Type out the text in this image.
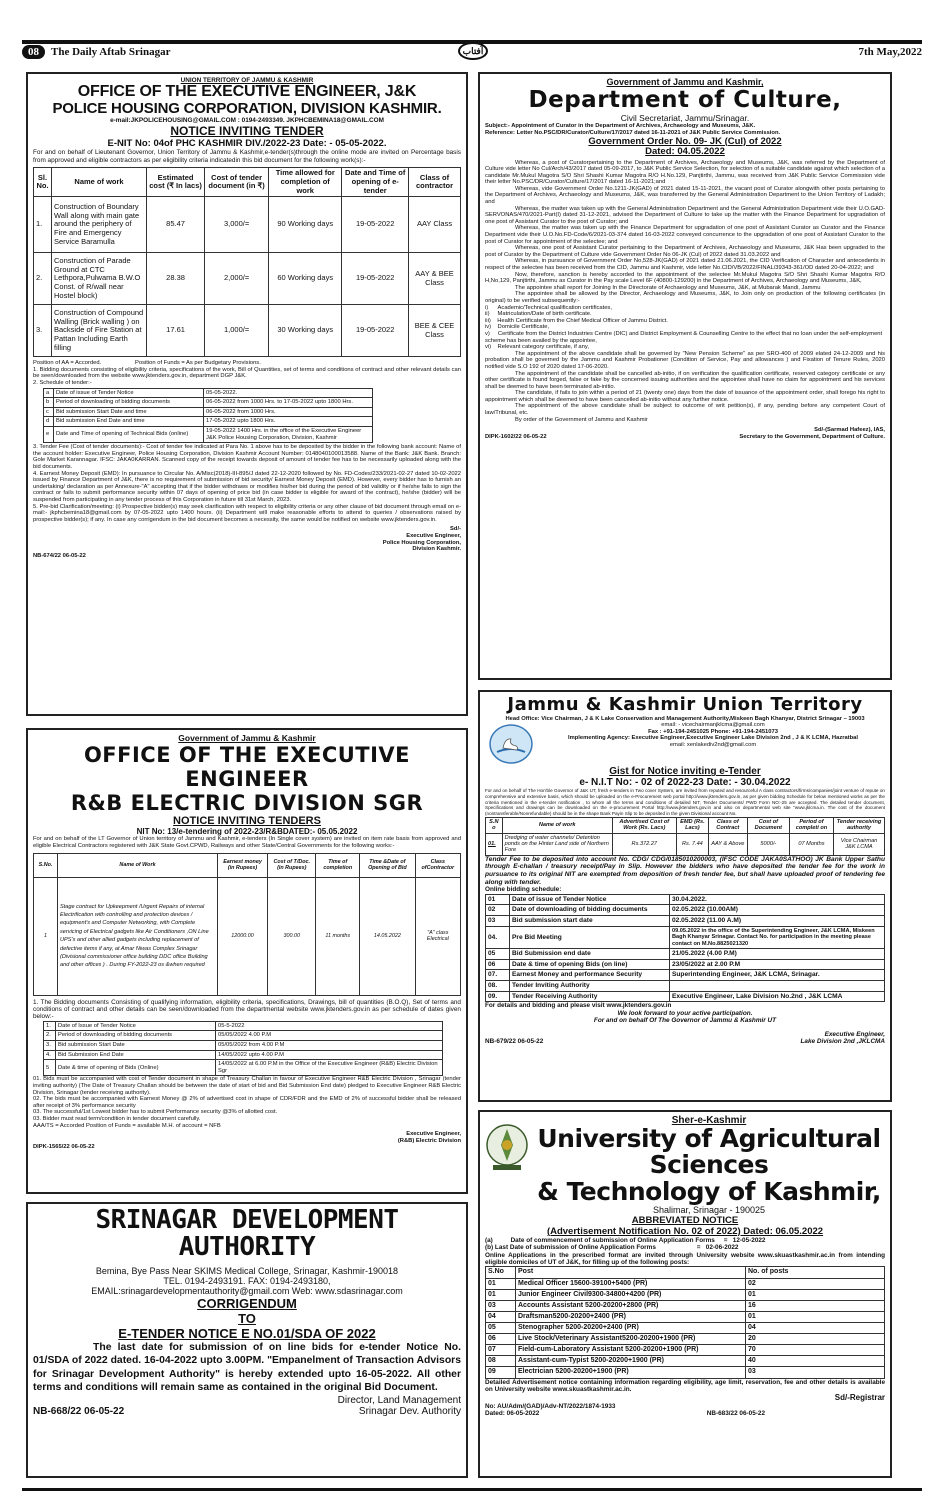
08	The Daily Aftab Srinagar	آفتاب	7th May,2022
UNION TERRITORY OF JAMMU & KASHMIR
OFFICE OF THE EXECUTIVE ENGINEER, J&K
POLICE HOUSING CORPORATION, DIVISION KASHMIR.
e-mail:JKPOLICEHOUSING@GMAIL.COM : 0194-2493349. JKPHCBEMINA18@GMAIL.COM
NOTICE INVITING TENDER
E-NIT No: 04of PHC KASHMIR DIV./2022-23 Date: - 05-05-2022.
For and on behalf of Lieutenant Governor, Union Territory of Jammu & Kashmir,e-tender(s)through the online mode are invited on Percentage basis from approved and eligible contractors as per eligibility criteria indicatedin this bid document for the following work(s):-
Sl. No.	Name of work	Estimated cost (₹ In lacs)	Cost of tender document (in ₹)	Time allowed for completion of work	Date and Time of opening of e-tender	Class of contractor
1.	Construction of Boundary Wall along with main gate around the periphery of Fire and Emergency Service Baramulla	85.47	3,000/=	90 Working days	19-05-2022	AAY Class
2.	Construction of Parade Ground at CTC Lethpora,Pulwama B.W.O Const. of R/wall near Hostel block)	28.38	2,000/=	60 Working days	19-05-2022	AAY & BEE Class
3.	Construction of Compound Walling (Brick walling ) on Backside of Fire Station at Pattan Including Earth filling	17.61	1,000/=	30 Working days	19-05-2022	BEE & CEE Class
Position of AA = Accorded.                     Position of Funds = As per Budgetary Provisions.
1. Bidding documents consisting of eligibility criteria, specifications of the work, Bill of Quantities, set of terms and conditions of contract and other relevant details can be seen/downloaded from the website www.jktenders.gov.in, department DGP J&K.
2. Schedule of tender:-
a	Date of issue of Tender Notice	05-05-2022.
b	Period of downloading of bidding documents	06-05-2022 from 1000 Hrs. to 17-05-2022 upto 1800 Hrs.
c	Bid submission Start Date and time	06-05-2022 from 1000 Hrs.
d	Bid submission End Date and time	17-05-2022 upto 1800 Hrs.
e	Date and Time of opening of Technical Bids (online)	19-05-2022 1400 Hrs. in the office of the Executive Engineer J&K Police Housing Corporation, Division, Kashmir
3. Tender Fee (Cost of tender documents):- Cost of tender fee indicated at Para No. 1 above has to be deposited by the bidder in the following bank account: Name of the account holder: Executive Engineer, Police Housing Corporation, Division Kashmir Account Number: 0148040100013588. Name of the Bank: J&K Bank. Branch: Gole Market Karannagar. IFSC: JAKA0KARRAN. Scanned copy of the receipt towards deposit of amount of tender fee has to be necessarily uploaded along with the bid documents.
4. Earnest Money Deposit (EMD): In pursuance to Circular No. A/Misc(2018)-III-895/J dated 22-12-2020 followed by No. FD-Codes/233/2021-02-27 dated 10-02-2022 issued by Finance Department of J&K, there is no requirement of submission of bid security/ Earnest Money Deposit (EMD). However, every bidder has to furnish an undertaking/ declaration as per Annexure-"A" accepting that if the bidder withdraws or modifies his/her bid during the period of bid validity or if he/she fails to sign the contract or fails to submit performance security within 07 days of opening of price bid (in case bidder is eligible for award of the contract), he/she (bidder) will be suspended from participating in any tender process of this Corporation in future till 31st March, 2023.
5. Pre-bid Clarification/meeting: (i) Prospective bidder(s) may seek clarification with respect to eligibility criteria or any other clause of bid document through email on e-mail:- jkphcbemina18@gmail.com by 07-05-2022 upto 1400 hours. (ii) Department will make reasonable efforts to attend to queries / observations raised by prospective bidder(s); if any. In case any corrigendum in the bid document becomes a necessity, the same would be notified on website www.jktenders.gov.in.
Sd/-
Executive Engineer,
Police Housing Corporation,
Division Kashmir.
NB-674/22 06-05-22
Government of Jammu and Kashmir,
Department of Culture,
Civil Secretariat, Jammu/Srinagar.
Subject:- Appointment of Curator in the Department of Archives, Archaeology and Museums, J&K.
Reference: Letter No.PSC/DR/Curator/Culture/17/2017 dated 16-11-2021 of J&K Public Service Commission.
Government Order No. 09- JK (Cul) of 2022
Dated: 04.05.2022
Whereas, a post of Curatorpertaining to the Department of Archives, Archaeology and Museums, J&K, was referred by the Department of Culture vide letter No Cul/Arch/43/2017 dated 05-09-2017, to J&K Public Service Selection, for selection of a suitable candidate against which selection of a candidate Mr.Mukul Magotra S/O Shri Shashi Kumar Magotra R/O H.No.129, Panjtirthi, Jammu, was received from J&K Public Service Commission vide their letter No.PSC/DR/Curator/Culture/17/2017 dated 16-11-2021;and
Whereas, vide Government Order No.1211-JK(GAD) of 2021 dated 15-11-2021, the vacant post of Curator alongwith other posts pertaining to the Department of Archives, Archaeology and Museums, J&K, was transferred by the General Administration Department to the Union Territory of Ladakh; and
Whereas, the matter was taken up with the General Administration Department and the General Administration Department vide their U.O.GAD-SERVONAS/470/2021-Part(I) dated 31-12-2021, advised the Department of Culture to take up the matter with the Finance Department for upgradation of one post of Assistant Curator to the post of Curator; and
Whereas, the matter was taken up with the Finance Department for upgradation of one post of Assistant Curator as Curator and the Finance Department vide their U.O.No.FD-Code/6/2021-03-374 dated 16-03-2022 conveyed concurrence to the upgradation of one post of Assistant Curator to the post of Curator for appointment of the selectee; and
Whereas, one post of Assistant Curator pertaining to the Department of Archives, Archaeology and Museums, J&K Has been upgraded to the post of Curator by the Department of Culture vide Government Order No 06-JK (Cul) of 2022 dated 31.03.2022 and
Whereas, in pursuance of Government Order No,528-JK(GAD) of 2021 dated 21.06.2021, the CID Verification of Character and antecedents in respect of the selectee has been received from the CID, Jammu and Kashmir, vide letter No.CID/VB/2022/FINAL/39343-361/OD dated 20-04-2022; and
Now, therefore, sanction is hereby accorded to the appointment of the selectee Mr.Mukul Magotra S/O Shri Shashi Kumar Magotra R/O H,No,129, Panjtirthi, Jammu as Curator in the Pay scale Level 6F (40800-129200) in the Department of Archives, Archaeology and Museums, J&K,
The appointee shall report for Joining In the Directorate of Archaeology and Museums, J&K, at Mubarak Mandi, Jammu
The appointee shall be allowed by the Director, Archaeology and Museums, J&K, to Join only on production of the following certificates (in original) to be verified subsequently:-
i)      Academic/Technical qualification certificates,
ii)     Matriculation/Date of birth certificate.
iii)    Health Certificate from the Chief Medical Officer of Jammu District.
iv)    Domicile Certificate,
v)     Certificate from the District Industries Centre (DIC) and District Employment & Counselling Centre to the effect that no loan under the self-employment scheme has been availed by the appointee,
vi)    Relevant category certificate, if any,
The appointment of the above candidate shall be governed by "New Pension Scheme" as per SRO-400 of 2009 elated 24-12-2009 and his probation shall be governed by the Jammu and Kashmir Probationer (Condition of Service, Pay and allowances ) and Fixation of Tenure Rules, 2020 notified vide S.O 192 of 2020 dated 17-06-2020.
The appointment of the candidate shall be cancelled ab-initio, if on verification the qualification certificate, reserved category certificate or any other certificate is found forged, false or fake by the concerned issuing authorities and the appointee shall have no claim for appointment and his services shall be deemed to have been terminated ab-initio.
The candidate, if fails to join within a period of 21 (twenty one) days from the date of issuance of the appointment order, shall forego his right to appointment which shall be deemed to have been cancelled ab-initio without any further notice.
The appointment of the above candidate shall be subject to outcome of writ petition(s), if any, pending before any competent Court of law/Tribunal, etc.
By order of the Government of Jammu and Kashmir
Sd/-(Sarmad Hafeez), IAS,
DIPK-1602/22 06-05-22	Secretary to the Government, Department of Culture.
Government of Jammu & Kashmir
OFFICE OF THE EXECUTIVE ENGINEER
R&B ELECTRIC DIVISION SGR
NOTICE INVITING TENDERS
NIT No: 13/e-tendering of 2022-23/R&BDATED:- 05.05.2022
For and on behalf of the LT Governor of Union territory of Jammu and Kashmir, e-tenders (In Single cover system) are invited on item rate basis from approved and eligible Electrical Contractors registered with J&K State Govt.CPWD, Railways and other State/Central Governments for the following works:-
S.No.	Name of Work	Earnest money (in Rupees)	Cost of T/Doc. (in Rupees)	Time of completion	Time &Date of Opening of Bid	Class ofContractor
1	Stage contract for Upkeepment /Urgent Repairs of internal Electrification with controlling and protection devices / equipment's and Computer Networking, with Complete servicing of Electrical gadgets like Air Conditioners ,ON Line UPS's and other allied gadgets including replacement of defective items if any, at Amar Niwas Complex Srinagar (Divisional commissioner office building DDC office Building and other offices ) . During FY-2022-23 os &when required	12000.00	300.00	11 months	14.05.2022	"A" class Electrical
1. The Bidding documents Consisting of qualifying information, eligibility criteria, specifications, Drawings, bill of quantities (B.O.Q), Set of terms and conditions of contract and other details can be seen/downloaded from the departmental website www.jktenders.gov.in as per schedule of dates given below:-
1.	Date of Issue of Tender Notice	05-5-2022
2.	Period of downloading of bidding documents	05/05/2022 4.00 P.M
3.	Bid submission Start Date	05/05/2022 from 4.00 P.M
4.	Bid Submission End Date	14/05/2022 upto 4.00 P.M
5	Date & time of opening of Bids (Online)	14/05/2022 at 6.00 P.M in the Office of the Executive Engineer (R&B) Electric Division Sgr
01. Bids must be accompanied with cost of Tender document in shape of Treasury Challan in favour of Executive Engineer R&B Electric Division , Srinagar (tender inviting authority) (The Date of Treasury Challan should be between the date of start of bid and Bid Submission End date) pledged to Executive Engineer R&B Electric Division, Srinagar (tender receiving authority).
02. The bids must be accompanied with Earnest Money @ 2% of advertised cost in shape of CDR/FDR and the EMD of 2% of successful bidder shall be released after receipt of 3% performance security
03. The successful/1st Lowest bidder has to submit Performance security @3% of allotted cost.
03. Bidder must read term/condition in tender document carefully.
AAA/TS = Accorded Position of Funds = available M.H. of account = NFB
Executive Engineer,
(R&B) Electric Division
DIPK-1565/22 06-05-22
Jammu & Kashmir Union Territory
Head Office: Vice Chairman, J & K Lake Conservation and Management Authority,Miskeen Bagh Khanyar, District Srinagar – 19003
email: - vicechairmanjklcma@gmail.com
Fax : +91-194-2451025 Phone: +91-194-2451073
Implementing Agency: Executive Engineer,Executive Engineer Lake Division 2nd , J & K LCMA, Hazratbal
email: xenlakediv2nd@gmail.com
Gist for Notice inviting e-Tender
e- N.I.T No: - 02 of 2022-23 Date: - 30.04.2022
For and on behalf of The Hon'ble Governor of J&K UT, fresh e-tenders in Two cover System, are invited from reputed and resourceful A class contractors/firms/companies/joint venture of repute on comprehensive and extensive basis, which should be uploaded on the e-Procurement web portal http://www.jktenders.gov.in, as per given bidding Schedule for below mentioned works as per the criteria mentioned in the e-tender notification , to whom all the terms and conditions of detailed NIT, Tender Documents/ PWD Form NO:-25 are accepted. The detailed tender document, Specifications and drawings can be downloaded on the e-procurement Portal http://www.jktenders.gov.in and also on departmental web site "www.jklcma.in. The cost of the document (nontransferable/Nonrefundable) should be in the shape Bank Payin Slip to be deposited in the given Divisional account No.
S.N o	Name of work	Advertised Cost of Work (Rs. Lacs)	EMD (Rs. Lacs)	Class of Contract	Cost of Document	Period of completi on	Tender receiving authority
01.	Dredging of water channels/ Detention ponds on the Hinter Land side of Northern Fore	Rs.372.27	Rs. 7.44	AAY & Above	5000/-	07 Months	Vice Chairman J&K LCMA
Tender Fee to be deposited into account No. CDG/ CDG/0185010200003, (IFSC CODE JAKA0SATHOO) JK Bank Upper Sathu through E-challan / treasury receipt/Pay in Slip. However the bidders who have deposited the tender fee for the work in pursuance to its original NIT are exempted from deposition of fresh tender fee, but shall have uploaded proof of tendering fee along with tender.
Online bidding schedule:
01	Date of issue of Tender Notice	30.04.2022.
02	Date of downloading of bidding documents	02.05.2022 (10.00AM)
03	Bid submission start date	02.05.2022 (11.00 A.M)
04.	Pre Bid Meeting	09.05.2022 in the office of the Superintending Engineer, J&K LCMA, Miskeen Bagh Khanyar Srinagar. Contact No. for participation in the meeting please contact on M.No.8825021320
05	Bid Submission end date	21/05.2022 (4.00 P.M)
06	Date & time of opening Bids (on line)	23/05/2022 at 2.00 P.M
07.	Earnest Money and performance Security	Superintending Engineer, J&K LCMA, Srinagar.
08.	Tender Inviting Authority	
09.	Tender Receiving Authority	Executive Engineer, Lake Division No.2nd , J&K LCMA
For details and bidding and please visit www.jktenders.gov.in
We look forward to your active participation.
For and on behalf Of The Governor of Jammu & Kashmir UT
Executive Engineer,
NB-679/22 06-05-22	Lake Division 2nd ,JKLCMA
Sher-e-Kashmir
University of Agricultural Sciences
& Technology of Kashmir,
Shalimar, Srinagar - 190025
ABBREVIATED NOTICE
(Advertisement Notification No. 02 of 2022) Dated: 06.05.2022
(a)          Date of commencement of submission of Online Application Forms     =   12-05-2022
(b) Last Date of submission of Online Application Forms                       =   02-06-2022
Online Applications in the prescribed format are invited through University website www.skuastkashmir.ac.in from intending eligible domiciles of UT of J&K, for filling up of the following posts:
S.No	Post	No. of posts
01	Medical Officer 15600-39100+5400 (PR)	02
01	Junior Engineer Civil9300-34800+4200 (PR)	01
03	Accounts Assistant 5200-20200+2800 (PR)	16
04	Draftsman5200-20200+2400 (PR)	01
05	Stenographer 5200-20200+2400 (PR)	04
06	Live Stock/Veterinary Assistant5200-20200+1900 (PR)	20
07	Field-cum-Laboratory Assistant 5200-20200+1900 (PR)	70
08	Assistant-cum-Typist 5200-20200+1900 (PR)	40
09	Electrician 5200-20200+1900 (PR)	03
Detailed Advertisement notice containing information regarding eligibility, age limit, reservation, fee and other details is available on University website www.skuastkashmir.ac.in.
Sd/-Registrar
No: AU/Adm/(GAD)/Adv-NT/2022/1874-1933
Dated: 06-05-2022	NB-683/22 06-05-22
SRINAGAR DEVELOPMENT AUTHORITY
Bemina, Bye Pass Near SKIMS Medical College, Srinagar, Kashmir-190018
TEL. 0194-2493191. FAX: 0194-2493180,
EMAIL:srinagardevelopmentauthority@gmail.com Web: www.sdasrinagar.com
CORRIGENDUM
TO
E-TENDER NOTICE E NO.01/SDA OF 2022
The last date for submission of on line bids for e-tender Notice No. 01/SDA of 2022 dated. 16-04-2022 upto 3.00PM. "Empanelment of Transaction Advisors for Srinagar Development Authority" is hereby extended upto 16-05-2022. All other terms and conditions will remain same as contained in the original Bid Document.
Director, Land Management
NB-668/22 06-05-22	Srinagar Dev. Authority
